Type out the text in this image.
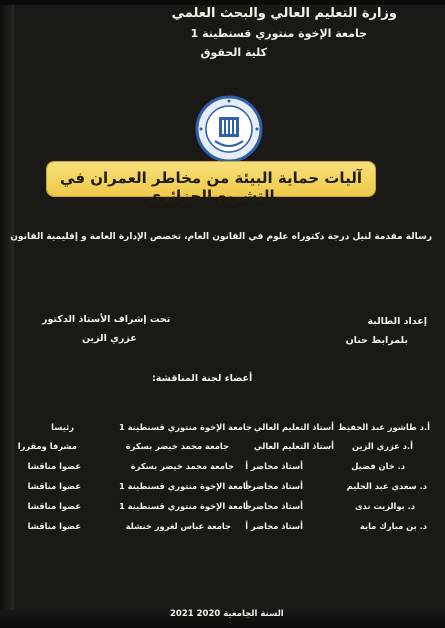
وزارة التعليم العالي والبحث العلمي
جامعة الإخوة منتوري قسنطينة 1
كلية الحقوق
آليات حماية البيئة من مخاطر العمران في التشريع الجزائري
رسالة مقدمة لنيل درجة دكتوراه علوم في القانون العام، تخصص الإدارة العامة و إقليمية القانون
تحت إشراف الأستاذ الدكتور
عزري الزين
إعداد الطالبة
بلمرابط حنان
أعضاء لجنة المناقشة:
أ.د طاشور عبد الحفيظ
أستاذ التعليم العالي
جامعة الإخوة منتوري قسنطينة 1
رئيسا
أ.د عزري الزين
أستاذ التعليم العالي
جامعة محمد خيضر بسكرة
مشرفا ومقررا
د. خان فضيل
أستاذ محاضر أ
جامعة محمد خيضر بسكرة
عضوا مناقشا
د. سعدي عبد الحليم
أستاذ محاضر أ
جامعة الإخوة منتوري قسنطينة 1
عضوا مناقشا
د. بوالزيت ندى
أستاذ محاضر أ
جامعة الإخوة منتوري قسنطينة 1
عضوا مناقشا
د. بن مبارك ماية
أستاذ محاضر أ
جامعة عباس لغرور خنشلة
عضوا مناقشا
السنة الجامعية 2020 2021
